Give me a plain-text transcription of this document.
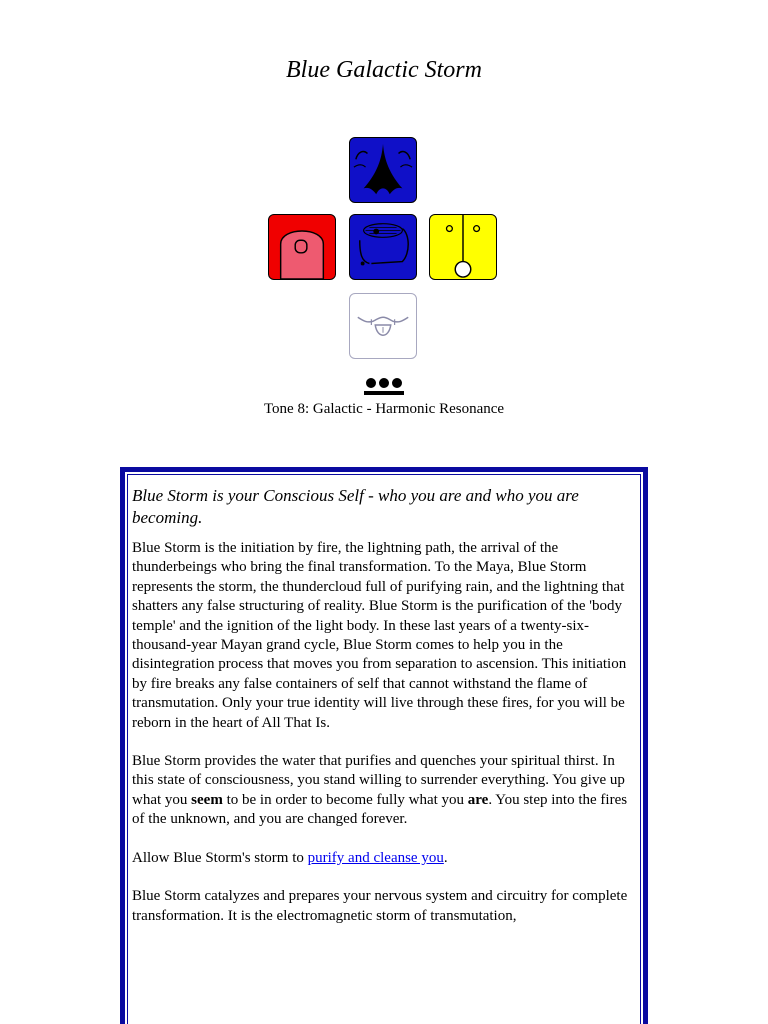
Blue Galactic Storm
Tone 8: Galactic - Harmonic Resonance

Blue Storm is your Conscious Self - who you are and who you are becoming.

Blue Storm is the initiation by fire, the lightning path, the arrival of the thunderbeings who bring the final transformation. To the Maya, Blue Storm represents the storm, the thundercloud full of purifying rain, and the lightning that shatters any false structuring of reality. Blue Storm is the purification of the 'body temple' and the ignition of the light body. In these last years of a twenty-six-thousand-year Mayan grand cycle, Blue Storm comes to help you in the disintegration process that moves you from separation to ascension. This initiation by fire breaks any false containers of self that cannot withstand the flame of transmutation. Only your true identity will live through these fires, for you will be reborn in the heart of All That Is.

Blue Storm provides the water that purifies and quenches your spiritual thirst. In this state of consciousness, you stand willing to surrender everything. You give up what you seem to be in order to become fully what you are. You step into the fires of the unknown, and you are changed forever.

Allow Blue Storm's storm to purify and cleanse you.

Blue Storm catalyzes and prepares your nervous system and circuitry for complete transformation. It is the electromagnetic storm of transmutation,
